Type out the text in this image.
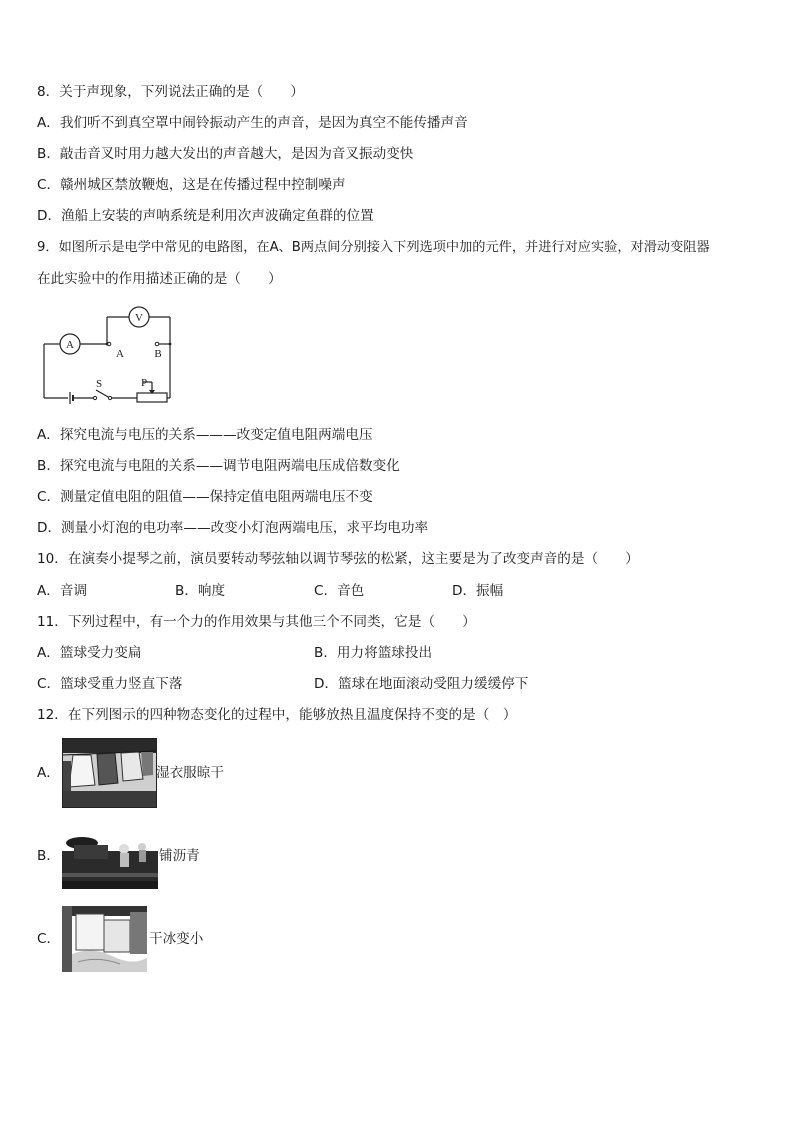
8．关于声现象，下列说法正确的是（　　）
A．我们听不到真空罩中闹铃振动产生的声音，是因为真空不能传播声音
B．敲击音叉时用力越大发出的声音越大，是因为音叉振动变快
C．赣州城区禁放鞭炮，这是在传播过程中控制噪声
D．渔船上安装的声呐系统是利用次声波确定鱼群的位置
9．如图所示是电学中常见的电路图，在A、B两点间分别接入下列选项中加的元件，并进行对应实验，对滑动变阻器
在此实验中的作用描述正确的是（　　）
A
V
A	B
S	P
A．探究电流与电压的关系———改变定值电阻两端电压
B．探究电流与电阻的关系——调节电阻两端电压成倍数变化
C．测量定值电阻的阻值——保持定值电阻两端电压不变
D．测量小灯泡的电功率——改变小灯泡两端电压，求平均电功率
10．在演奏小提琴之前，演员要转动琴弦轴以调节琴弦的松紧，这主要是为了改变声音的是（　　）
A．音调	B．响度	C．音色	D．振幅
11．下列过程中，有一个力的作用效果与其他三个不同类，它是（　　）
A．篮球受力变扁	B．用力将篮球投出
C．篮球受重力竖直下落	D．篮球在地面滚动受阻力缓缓停下
12．在下列图示的四种物态变化的过程中，能够放热且温度保持不变的是（　）
A．	湿衣服晾干
B．	铺沥青
C．	干冰变小
